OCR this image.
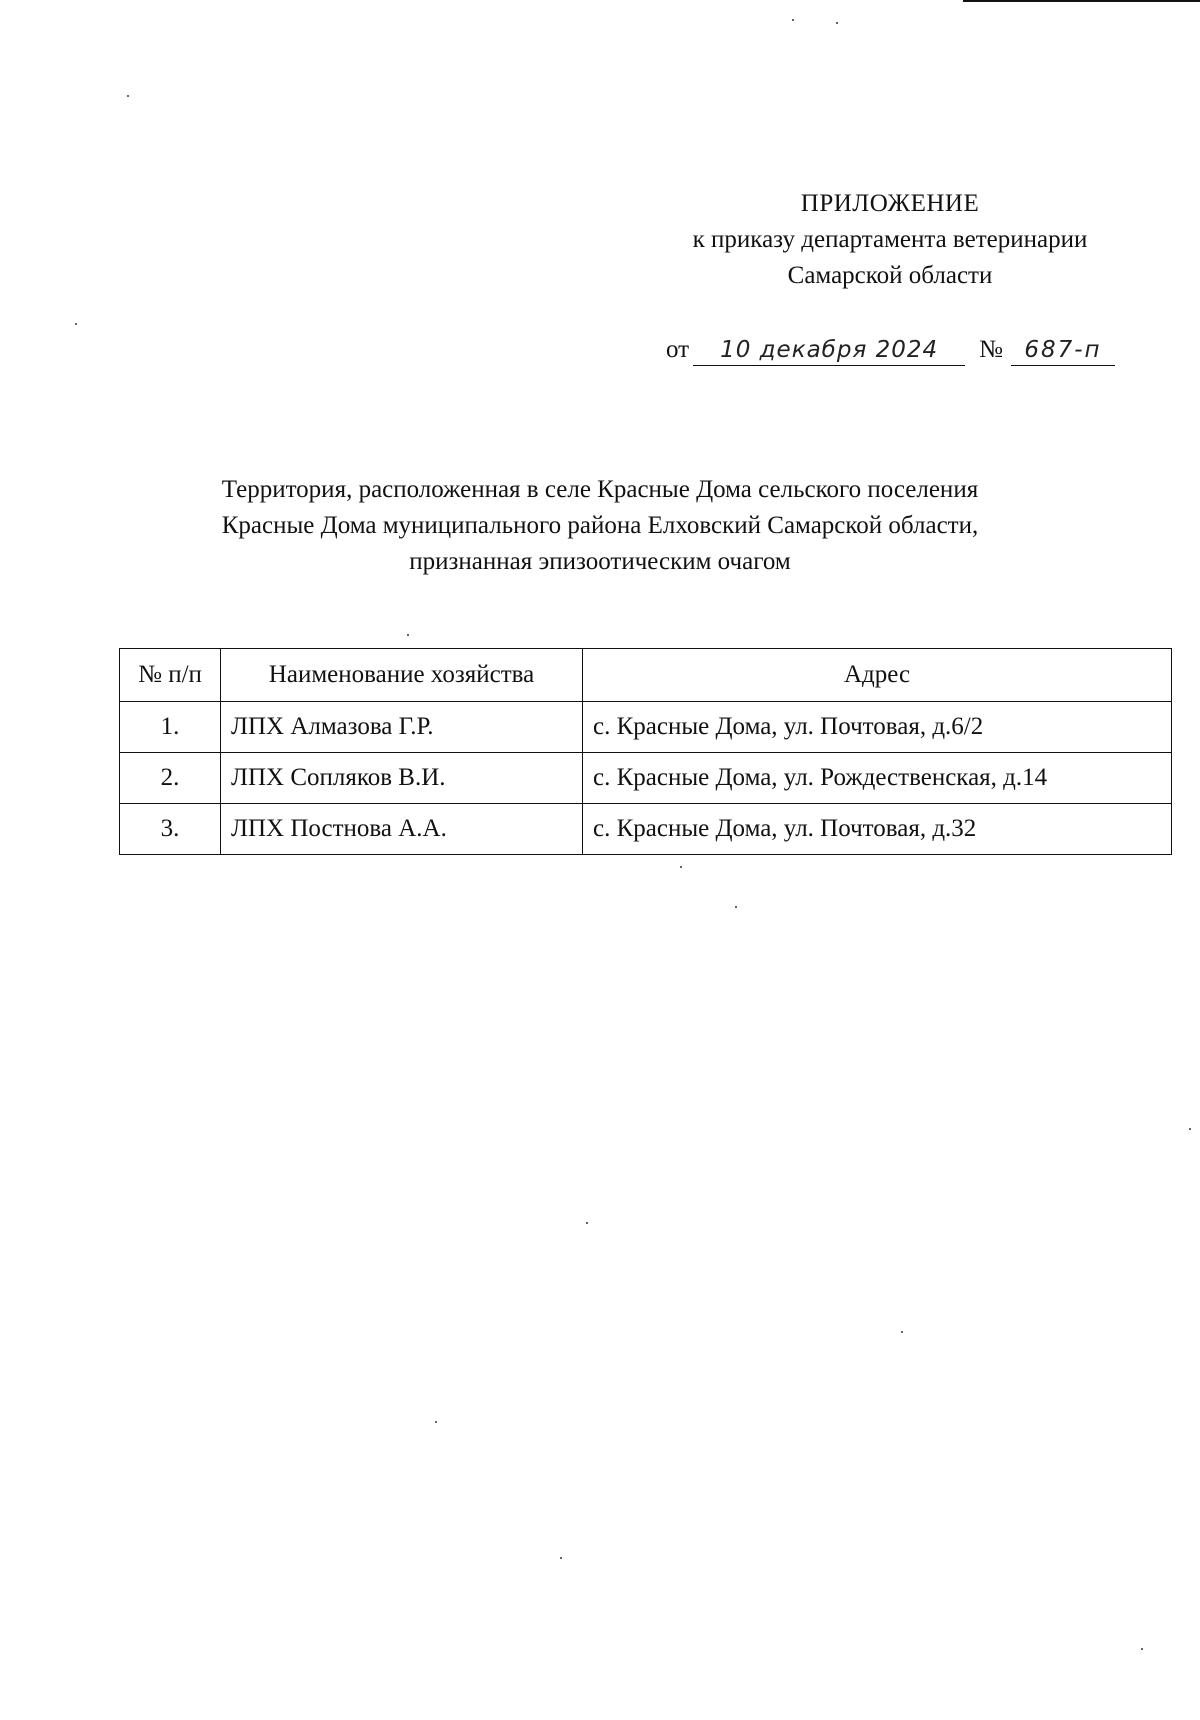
ПРИЛОЖЕНИЕ
к приказу департамента ветеринарии
Самарской области
от 10 декабря 2024 № 687-п
Территория, расположенная в селе Красные Дома сельского поселения
Красные Дома муниципального района Елховский Самарской области,
признанная эпизоотическим очагом
№ п/п	Наименование хозяйства	Адрес
1.	ЛПХ Алмазова Г.Р.	с. Красные Дома, ул. Почтовая, д.6/2
2.	ЛПХ Сопляков В.И.	с. Красные Дома, ул. Рождественская, д.14
3.	ЛПХ Постнова А.А.	с. Красные Дома, ул. Почтовая, д.32
